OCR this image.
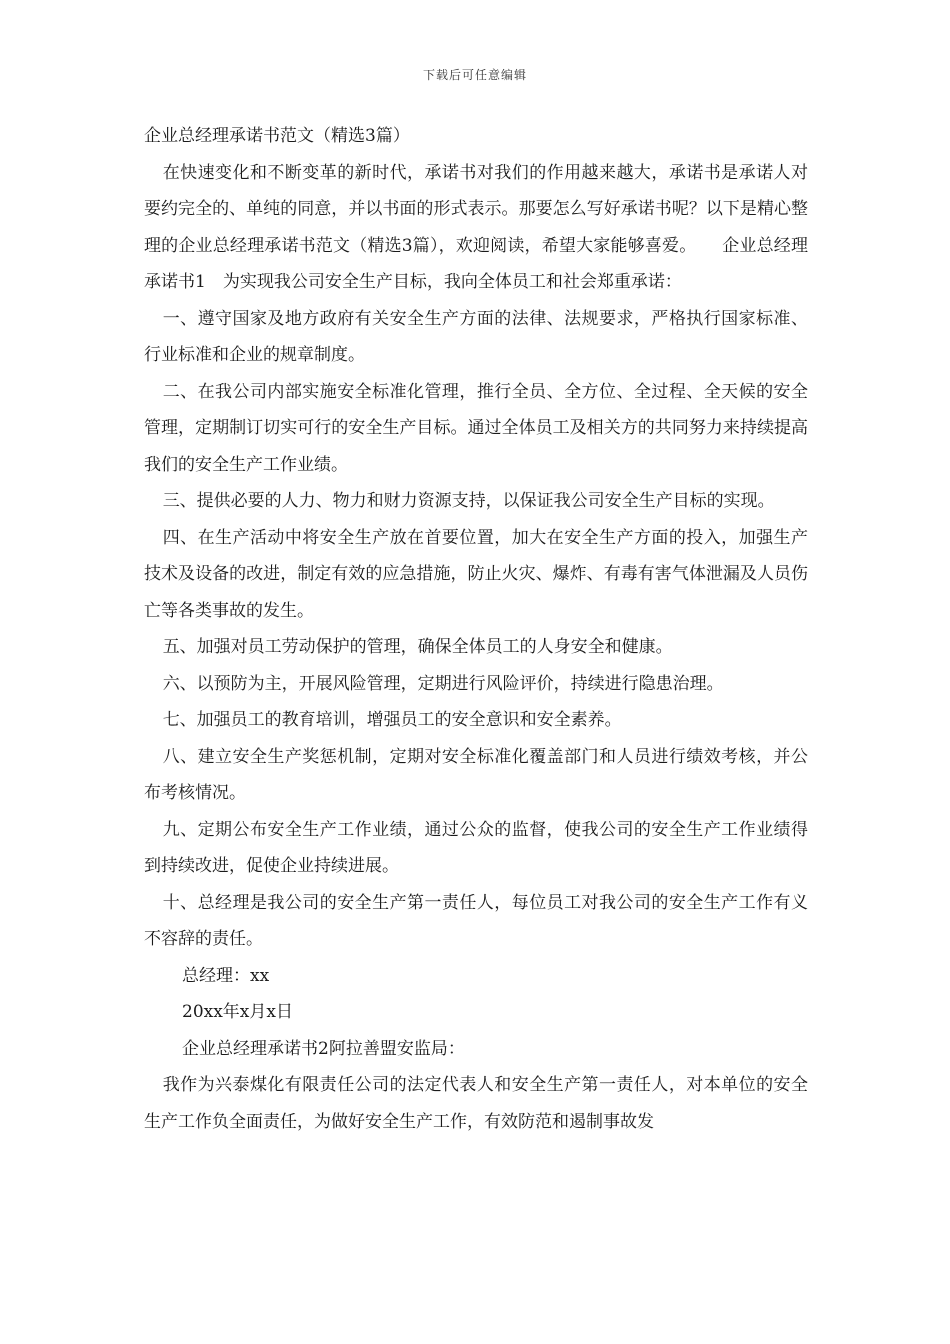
下载后可任意编辑
企业总经理承诺书范文（精选3篇）

在快速变化和不断变革的新时代，承诺书对我们的作用越来越大，承诺书是承诺人对要约完全的、单纯的同意，并以书面的形式表示。那要怎么写好承诺书呢？以下是精心整理的企业总经理承诺书范文（精选3篇），欢迎阅读，希望大家能够喜爱。　　企业总经理承诺书1　为实现我公司安全生产目标，我向全体员工和社会郑重承诺：

一、遵守国家及地方政府有关安全生产方面的法律、法规要求，严格执行国家标准、行业标准和企业的规章制度。

二、在我公司内部实施安全标准化管理，推行全员、全方位、全过程、全天候的安全管理，定期制订切实可行的安全生产目标。通过全体员工及相关方的共同努力来持续提高我们的安全生产工作业绩。

三、提供必要的人力、物力和财力资源支持，以保证我公司安全生产目标的实现。

四、在生产活动中将安全生产放在首要位置，加大在安全生产方面的投入，加强生产技术及设备的改进，制定有效的应急措施，防止火灾、爆炸、有毒有害气体泄漏及人员伤亡等各类事故的发生。

五、加强对员工劳动保护的管理，确保全体员工的人身安全和健康。

六、以预防为主，开展风险管理，定期进行风险评价，持续进行隐患治理。

七、加强员工的教育培训，增强员工的安全意识和安全素养。

八、建立安全生产奖惩机制，定期对安全标准化覆盖部门和人员进行绩效考核，并公布考核情况。

九、定期公布安全生产工作业绩，通过公众的监督，使我公司的安全生产工作业绩得到持续改进，促使企业持续进展。

十、总经理是我公司的安全生产第一责任人，每位员工对我公司的安全生产工作有义不容辞的责任。

总经理：xx

20xx年x月x日

企业总经理承诺书2阿拉善盟安监局：

我作为兴泰煤化有限责任公司的法定代表人和安全生产第一责任人，对本单位的安全生产工作负全面责任，为做好安全生产工作，有效防范和遏制事故发
